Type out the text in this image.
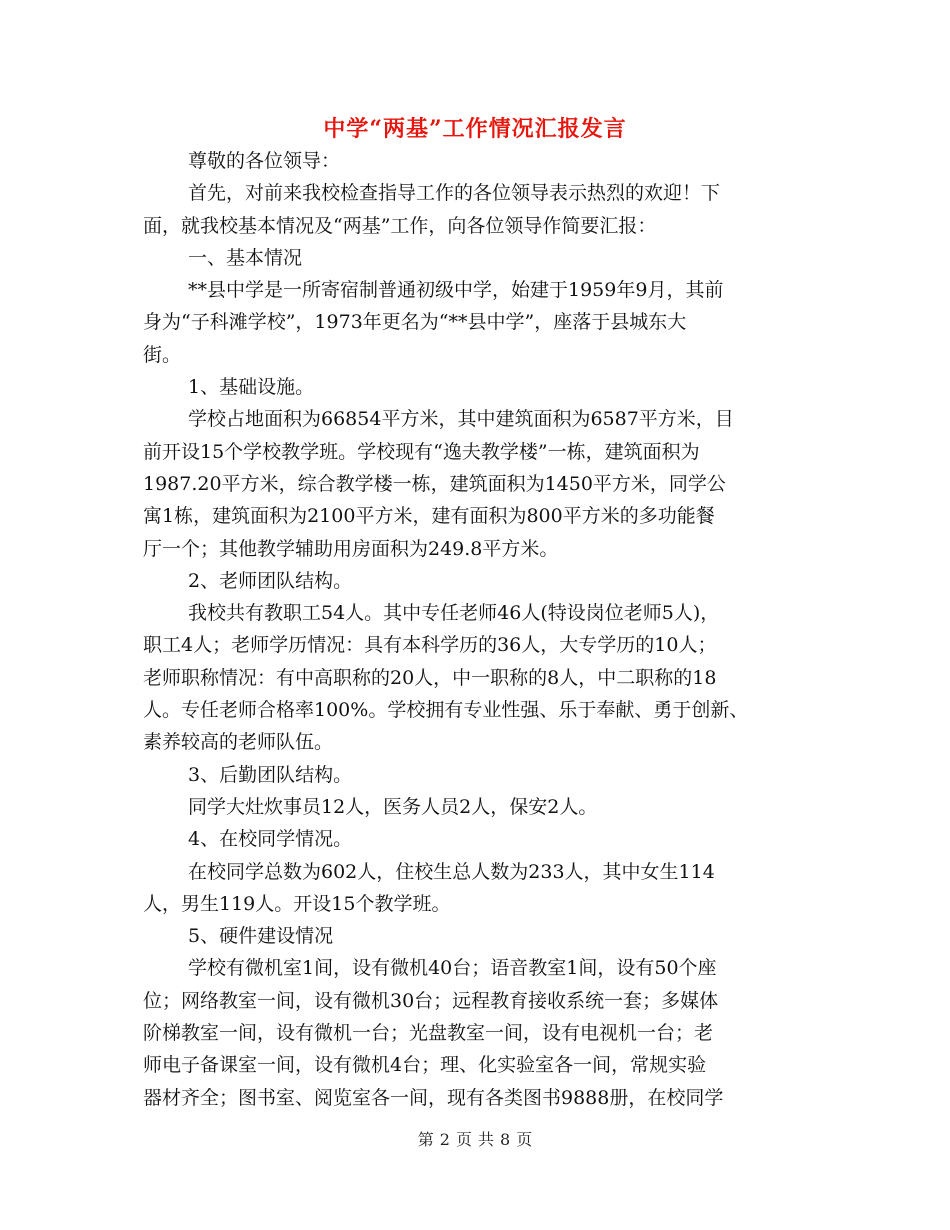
中学“两基”工作情况汇报发言
尊敬的各位领导：
首先，对前来我校检查指导工作的各位领导表示热烈的欢迎！下
面，就我校基本情况及“两基”工作，向各位领导作简要汇报：
一、基本情况
**县中学是一所寄宿制普通初级中学，始建于1959年9月，其前
身为“子科滩学校”，1973年更名为“**县中学”，座落于县城东大
街。
1、基础设施。
学校占地面积为66854平方米，其中建筑面积为6587平方米，目
前开设15个学校教学班。学校现有“逸夫教学楼”一栋，建筑面积为
1987.20平方米，综合教学楼一栋，建筑面积为1450平方米，同学公
寓1栋，建筑面积为2100平方米，建有面积为800平方米的多功能餐
厅一个；其他教学辅助用房面积为249.8平方米。
2、老师团队结构。
我校共有教职工54人。其中专任老师46人(特设岗位老师5人)，
职工4人；老师学历情况：具有本科学历的36人，大专学历的10人；
老师职称情况：有中高职称的20人，中一职称的8人，中二职称的18
人。专任老师合格率100%。学校拥有专业性强、乐于奉献、勇于创新、
素养较高的老师队伍。
3、后勤团队结构。
同学大灶炊事员12人，医务人员2人，保安2人。
4、在校同学情况。
在校同学总数为602人，住校生总人数为233人，其中女生114
人，男生119人。开设15个教学班。
5、硬件建设情况
学校有微机室1间，设有微机40台；语音教室1间，设有50个座
位；网络教室一间，设有微机30台；远程教育接收系统一套；多媒体
阶梯教室一间，设有微机一台；光盘教室一间，设有电视机一台；老
师电子备课室一间，设有微机4台；理、化实验室各一间，常规实验
器材齐全；图书室、阅览室各一间，现有各类图书9888册，在校同学
第 2 页 共 8 页
